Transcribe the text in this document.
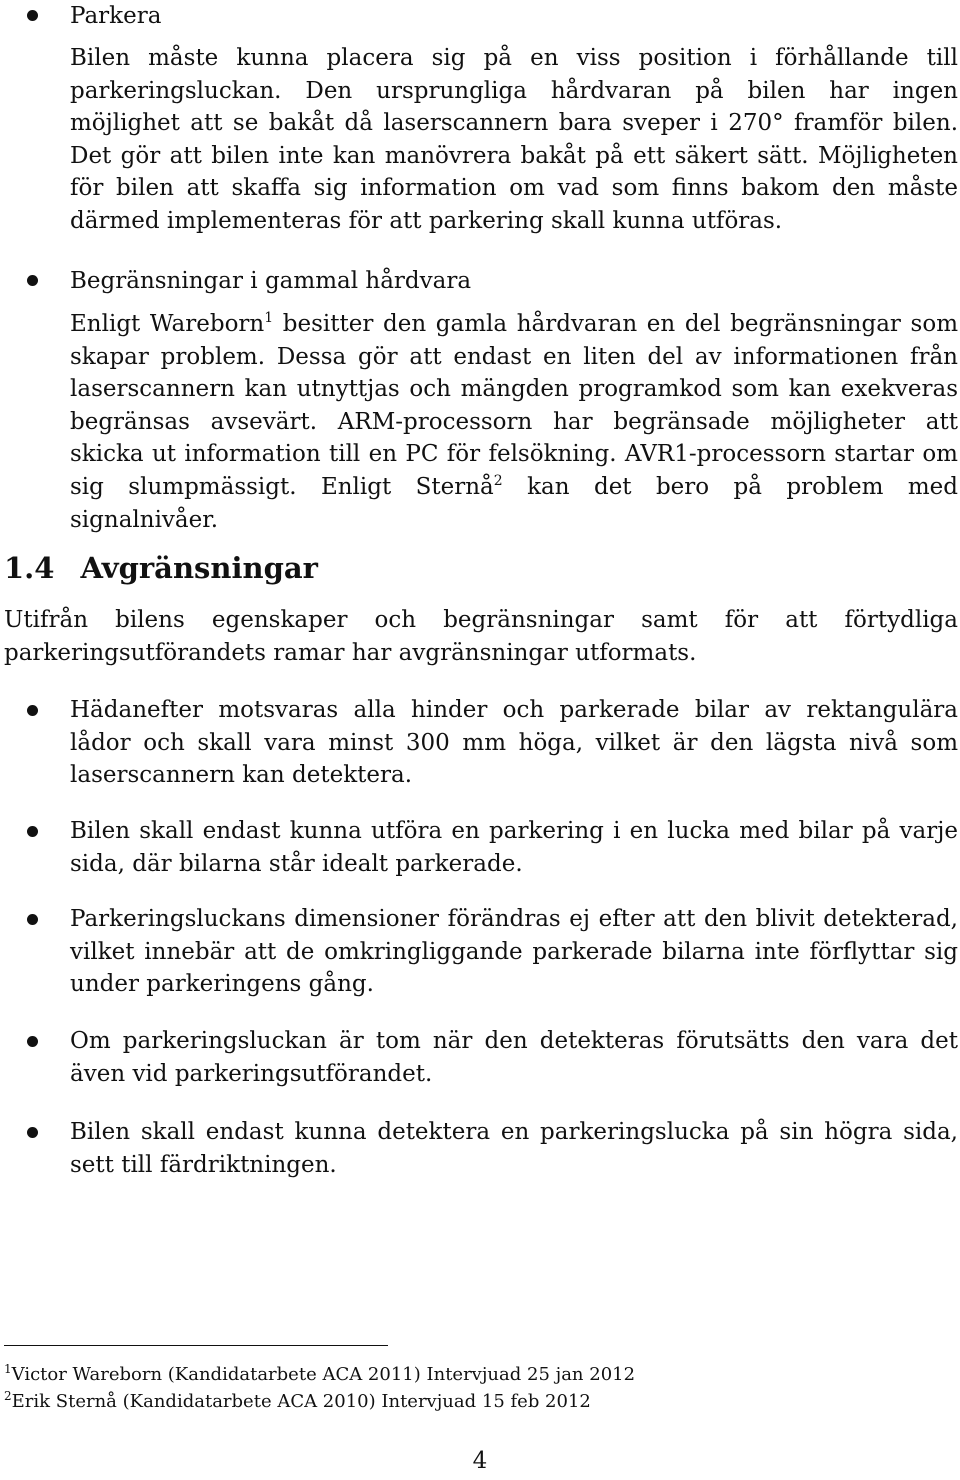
Parkera

Bilen måste kunna placera sig på en viss position i förhållande till parkeringsluckan. Den ursprungliga hårdvaran på bilen har ingen möjlighet att se bakåt då laserscannern bara sveper i 270° framför bilen. Det gör att bilen inte kan manövrera bakåt på ett säkert sätt. Möjligheten för bilen att skaffa sig information om vad som finns bakom den måste därmed implementeras för att parkering skall kunna utföras.

Begränsningar i gammal hårdvara

Enligt Wareborn$^1$ besitter den gamla hårdvaran en del begränsningar som skapar problem. Dessa gör att endast en liten del av informationen från laserscannern kan utnyttjas och mängden programkod som kan exekveras begränsas avsevärt. ARM-processorn har begränsade möjligheter att skicka ut information till en PC för felsökning. AVR1-processorn startar om sig slumpmässigt. Enligt Sternå$^2$ kan det bero på problem med signalnivåer.

1.4 Avgränsningar

Utifrån bilens egenskaper och begränsningar samt för att förtydliga parkeringsutförandets ramar har avgränsningar utformats.

Hädanefter motsvaras alla hinder och parkerade bilar av rektangulära lådor och skall vara minst 300 mm höga, vilket är den lägsta nivå som laserscannern kan detektera.

Bilen skall endast kunna utföra en parkering i en lucka med bilar på varje sida, där bilarna står idealt parkerade.

Parkeringsluckans dimensioner förändras ej efter att den blivit detekterad, vilket innebär att de omkringliggande parkerade bilarna inte förflyttar sig under parkeringens gång.

Om parkeringsluckan är tom när den detekteras förutsätts den vara det även vid parkeringsutförandet.

Bilen skall endast kunna detektera en parkeringslucka på sin högra sida, sett till färdriktningen.

$^1$Victor Wareborn (Kandidatarbete ACA 2011) Intervjuad 25 jan 2012
$^2$Erik Sternå (Kandidatarbete ACA 2010) Intervjuad 15 feb 2012
4
